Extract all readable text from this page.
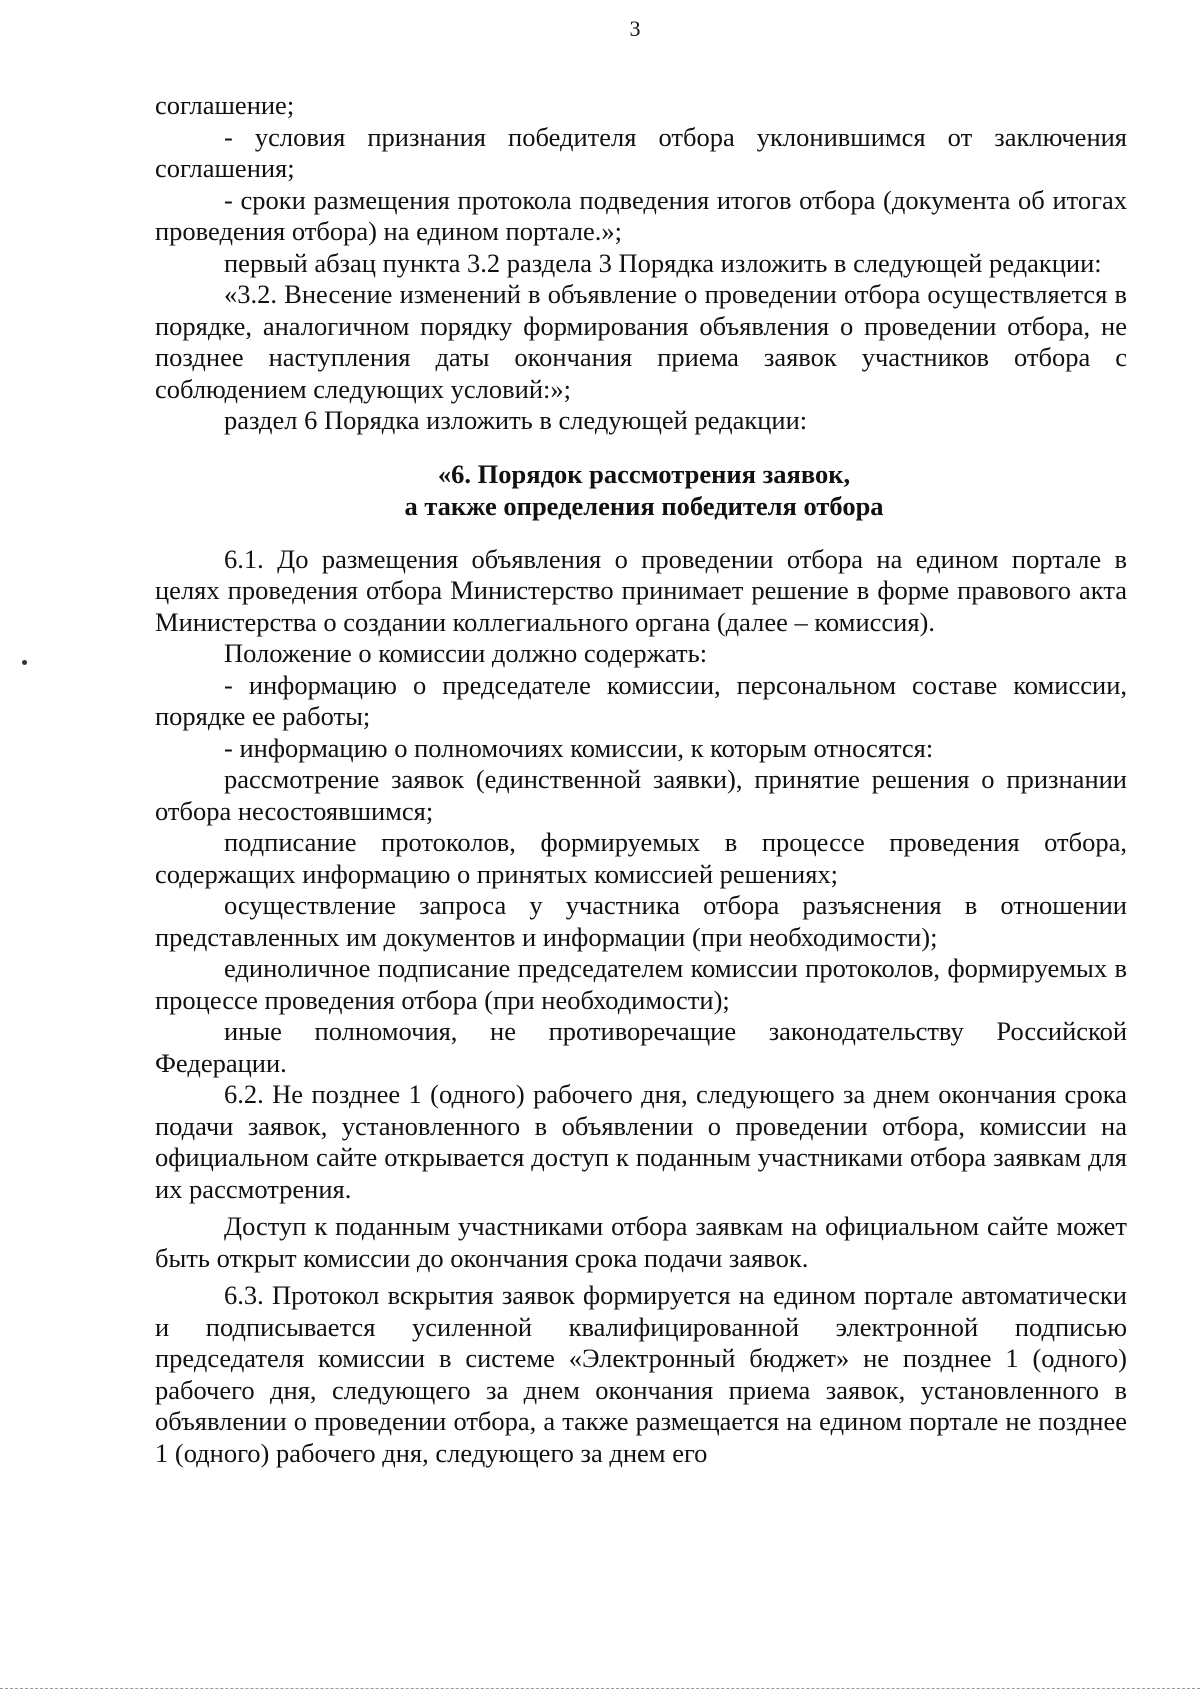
3

соглашение;

- условия признания победителя отбора уклонившимся от заключения соглашения;

- сроки размещения протокола подведения итогов отбора (документа об итогах проведения отбора) на едином портале.»;

первый абзац пункта 3.2 раздела 3 Порядка изложить в следующей редакции:

«3.2. Внесение изменений в объявление о проведении отбора осуществляется в порядке, аналогичном порядку формирования объявления о проведении отбора, не позднее наступления даты окончания приема заявок участников отбора с соблюдением следующих условий:»;

раздел 6 Порядка изложить в следующей редакции:

«6. Порядок рассмотрения заявок,
а также определения победителя отбора

6.1. До размещения объявления о проведении отбора на едином портале в целях проведения отбора Министерство принимает решение в форме правового акта Министерства о создании коллегиального органа (далее – комиссия).

Положение о комиссии должно содержать:

- информацию о председателе комиссии, персональном составе комиссии, порядке ее работы;

- информацию о полномочиях комиссии, к которым относятся:

рассмотрение заявок (единственной заявки), принятие решения о признании отбора несостоявшимся;

подписание протоколов, формируемых в процессе проведения отбора, содержащих информацию о принятых комиссией решениях;

осуществление запроса у участника отбора разъяснения в отношении представленных им документов и информации (при необходимости);

единоличное подписание председателем комиссии протоколов, формируемых в процессе проведения отбора (при необходимости);

иные полномочия, не противоречащие законодательству Российской Федерации.

6.2. Не позднее 1 (одного) рабочего дня, следующего за днем окончания срока подачи заявок, установленного в объявлении о проведении отбора, комиссии на официальном сайте открывается доступ к поданным участниками отбора заявкам для их рассмотрения.

Доступ к поданным участниками отбора заявкам на официальном сайте может быть открыт комиссии до окончания срока подачи заявок.

6.3. Протокол вскрытия заявок формируется на едином портале автоматически и подписывается усиленной квалифицированной электронной подписью председателя комиссии в системе «Электронный бюджет» не позднее 1 (одного) рабочего дня, следующего за днем окончания приема заявок, установленного в объявлении о проведении отбора, а также размещается на едином портале не позднее 1 (одного) рабочего дня, следующего за днем его
